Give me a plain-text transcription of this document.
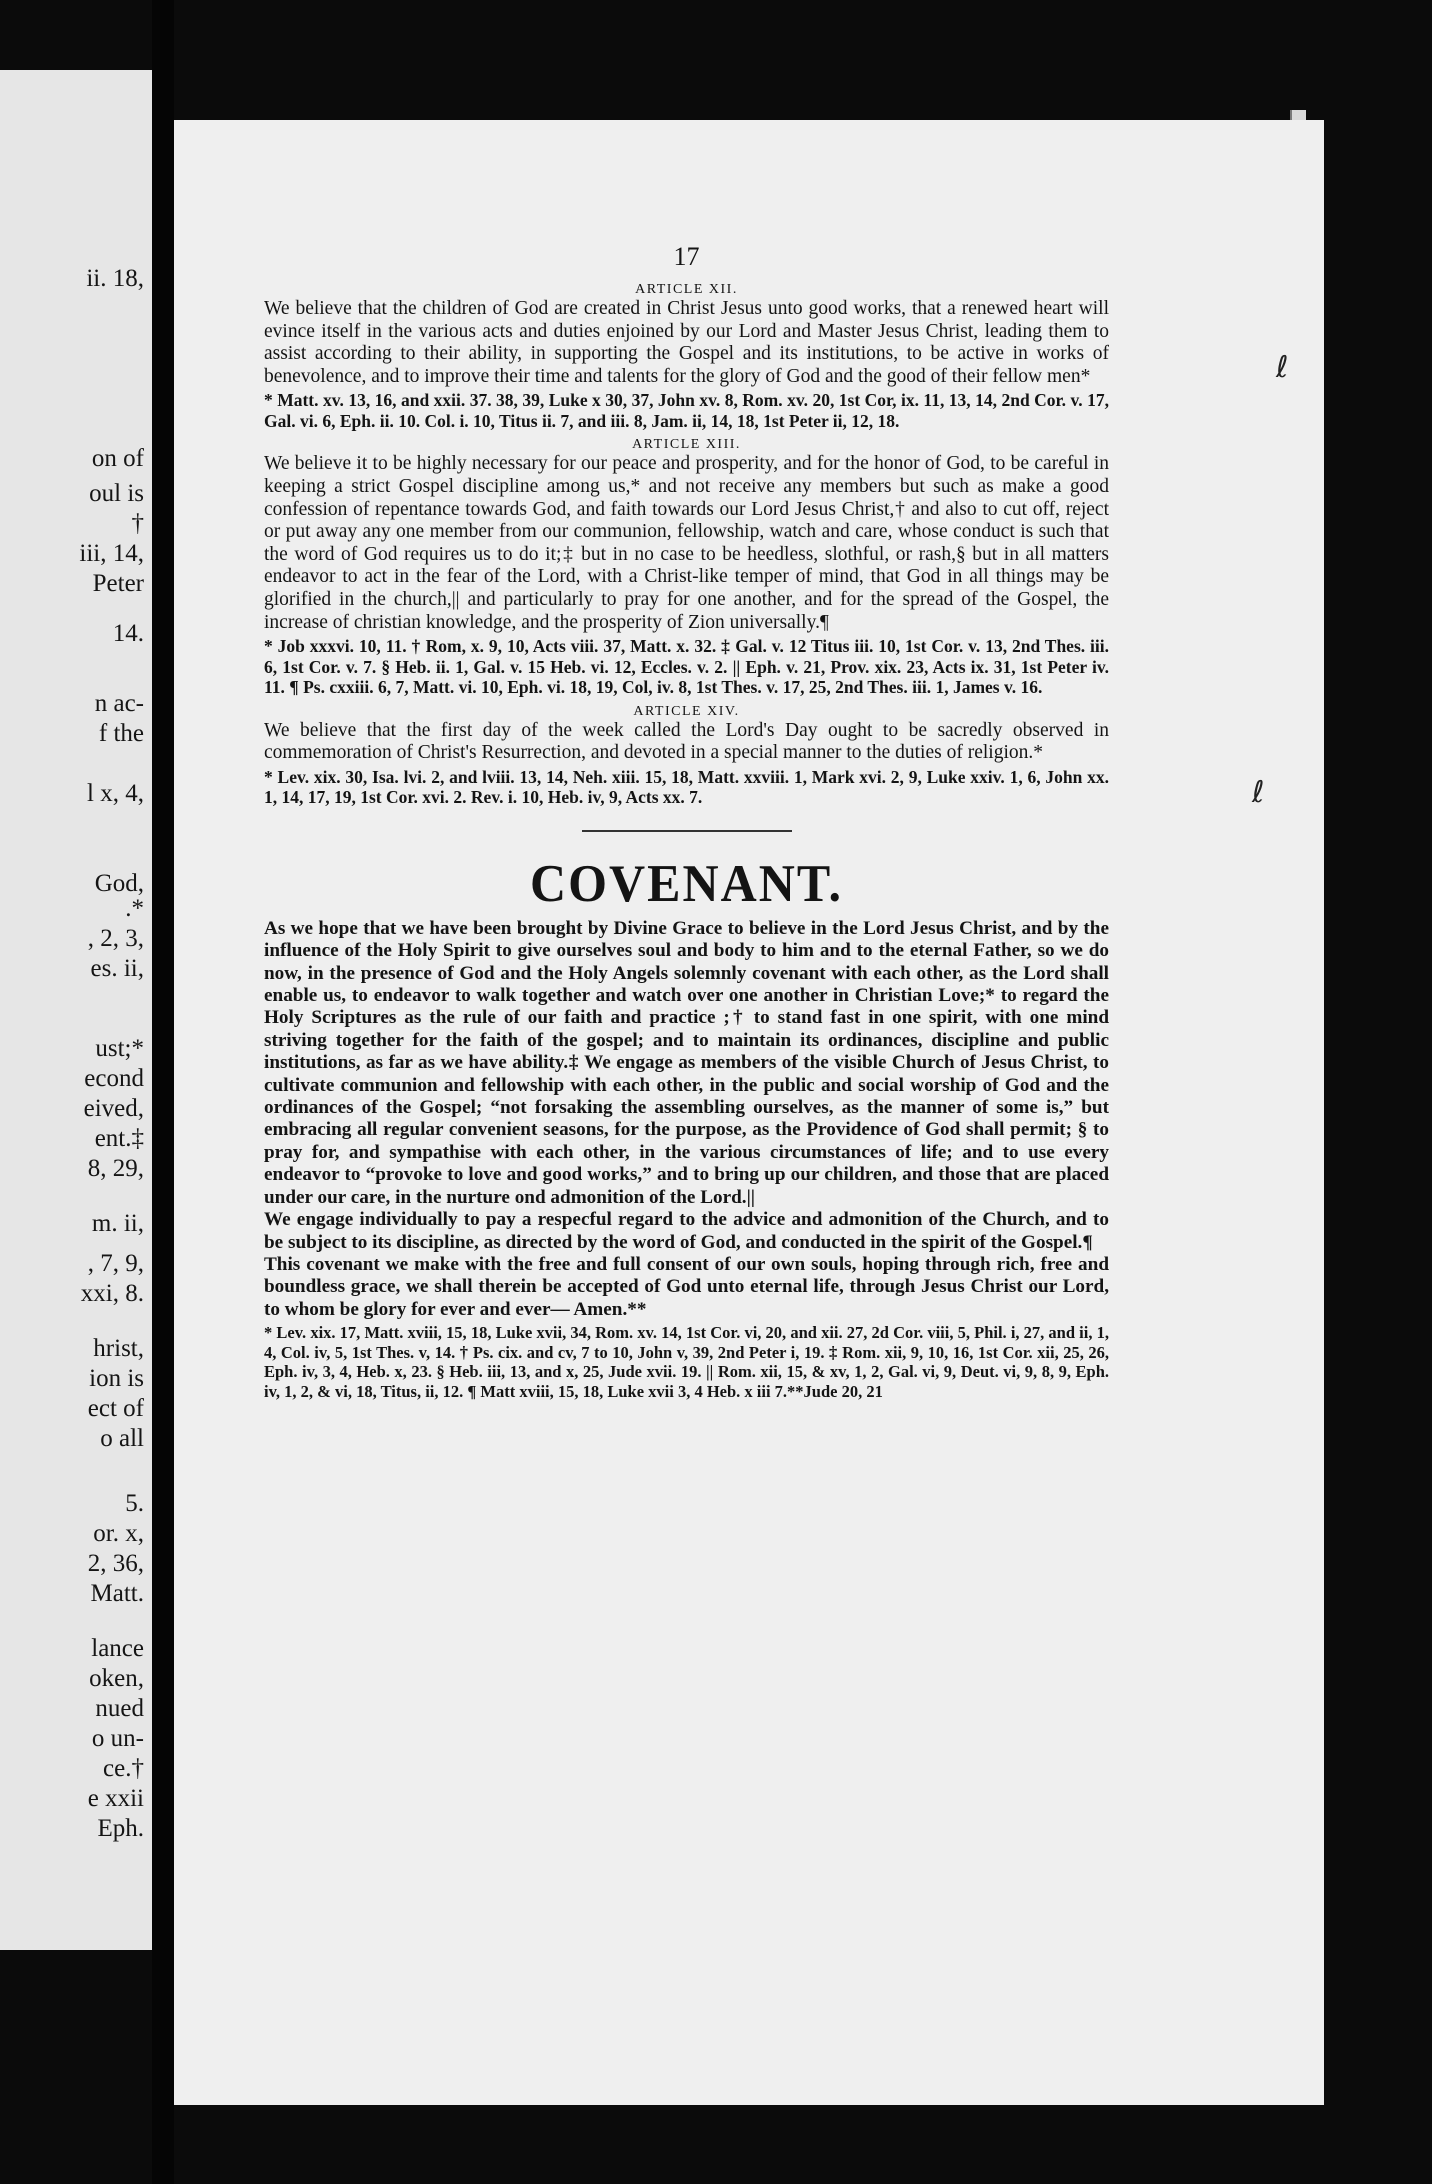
ii. 18,
on of
oul is
†
iii, 14,
Peter
14.
n ac-
f the
l x, 4,
God,
.*
, 2, 3,
es. ii,
ust;*
econd
eived,
ent.‡
8, 29,
m. ii,
, 7, 9,
xxi, 8.
hrist,
ion is
ect of
o all
5.
or. x,
2, 36,
Matt.
lance
oken,
nued
o un-
ce.†
e xxii
Eph.
ℓ
ℓ
17
ARTICLE XII.

We believe that the children of God are created in Christ Jesus unto good works, that a renewed heart will evince itself in the various acts and duties enjoined by our Lord and Master Jesus Christ, leading them to assist according to their ability, in supporting the Gospel and its institutions, to be active in works of benevolence, and to improve their time and talents for the glory of God and the good of their fellow men*

* Matt. xv. 13, 16, and xxii. 37. 38, 39, Luke x 30, 37, John xv. 8, Rom. xv. 20, 1st Cor, ix. 11, 13, 14, 2nd Cor. v. 17, Gal. vi. 6, Eph. ii. 10. Col. i. 10, Titus ii. 7, and iii. 8, Jam. ii, 14, 18, 1st Peter ii, 12, 18.

ARTICLE XIII.

We believe it to be highly necessary for our peace and prosperity, and for the honor of God, to be careful in keeping a strict Gospel discipline among us,* and not receive any members but such as make a good confession of repentance towards God, and faith towards our Lord Jesus Christ,† and also to cut off, reject or put away any one member from our communion, fellowship, watch and care, whose conduct is such that the word of God requires us to do it;‡ but in no case to be heedless, slothful, or rash,§ but in all matters endeavor to act in the fear of the Lord, with a Christ-like temper of mind, that God in all things may be glorified in the church,|| and particularly to pray for one another, and for the spread of the Gospel, the increase of christian knowledge, and the prosperity of Zion universally.¶

* Job xxxvi. 10, 11. † Rom, x. 9, 10, Acts viii. 37, Matt. x. 32. ‡ Gal. v. 12 Titus iii. 10, 1st Cor. v. 13, 2nd Thes. iii. 6, 1st Cor. v. 7. § Heb. ii. 1, Gal. v. 15 Heb. vi. 12, Eccles. v. 2. || Eph. v. 21, Prov. xix. 23, Acts ix. 31, 1st Peter iv. 11. ¶ Ps. cxxiii. 6, 7, Matt. vi. 10, Eph. vi. 18, 19, Col, iv. 8, 1st Thes. v. 17, 25, 2nd Thes. iii. 1, James v. 16.

ARTICLE XIV.

We believe that the first day of the week called the Lord's Day ought to be sacredly observed in commemoration of Christ's Resurrection, and devoted in a special manner to the duties of religion.*

* Lev. xix. 30, Isa. lvi. 2, and lviii. 13, 14, Neh. xiii. 15, 18, Matt. xxviii. 1, Mark xvi. 2, 9, Luke xxiv. 1, 6, John xx. 1, 14, 17, 19, 1st Cor. xvi. 2. Rev. i. 10, Heb. iv, 9, Acts xx. 7.

COVENANT.

As we hope that we have been brought by Divine Grace to believe in the Lord Jesus Christ, and by the influence of the Holy Spirit to give ourselves soul and body to him and to the eternal Father, so we do now, in the presence of God and the Holy Angels solemnly covenant with each other, as the Lord shall enable us, to endeavor to walk together and watch over one another in Christian Love;* to regard the Holy Scriptures as the rule of our faith and practice ;† to stand fast in one spirit, with one mind striving together for the faith of the gospel; and to maintain its ordinances, discipline and public institutions, as far as we have ability.‡ We engage as members of the visible Church of Jesus Christ, to cultivate communion and fellowship with each other, in the public and social worship of God and the ordinances of the Gospel; “not forsaking the assembling ourselves, as the manner of some is,” but embracing all regular convenient seasons, for the purpose, as the Providence of God shall permit; § to pray for, and sympathise with each other, in the various circumstances of life; and to use every endeavor to “provoke to love and good works,” and to bring up our children, and those that are placed under our care, in the nurture ond admonition of the Lord.||

We engage individually to pay a respecful regard to the advice and admonition of the Church, and to be subject to its discipline, as directed by the word of God, and conducted in the spirit of the Gospel.¶

This covenant we make with the free and full consent of our own souls, hoping through rich, free and boundless grace, we shall therein be accepted of God unto eternal life, through Jesus Christ our Lord, to whom be glory for ever and ever— Amen.**

* Lev. xix. 17, Matt. xviii, 15, 18, Luke xvii, 34, Rom. xv. 14, 1st Cor. vi, 20, and xii. 27, 2d Cor. viii, 5, Phil. i, 27, and ii, 1, 4, Col. iv, 5, 1st Thes. v, 14. † Ps. cix. and cv, 7 to 10, John v, 39, 2nd Peter i, 19. ‡ Rom. xii, 9, 10, 16, 1st Cor. xii, 25, 26, Eph. iv, 3, 4, Heb. x, 23. § Heb. iii, 13, and x, 25, Jude xvii. 19. || Rom. xii, 15, & xv, 1, 2, Gal. vi, 9, Deut. vi, 9, 8, 9, Eph. iv, 1, 2, & vi, 18, Titus, ii, 12. ¶ Matt xviii, 15, 18, Luke xvii 3, 4 Heb. x iii 7.**Jude 20, 21
